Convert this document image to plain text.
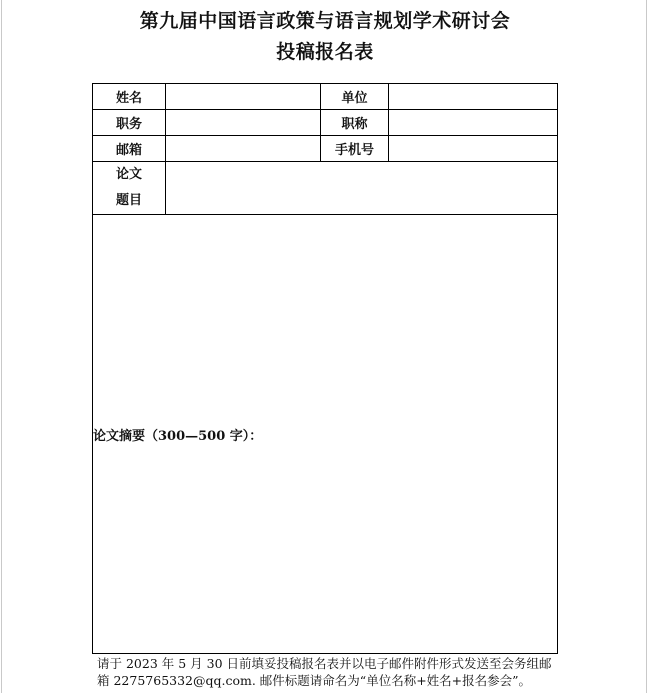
第九届中国语言政策与语言规划学术研讨会
投稿报名表
姓名		单位	
职务		职称	
邮箱		手机号	

论文
题目			

论文摘要（300—500 字）：			
请于 2023 年 5 月 30 日前填妥投稿报名表并以电子邮件附件形式发送至会务组邮
箱 2275765332@qq.com. 邮件标题请命名为“单位名称+姓名+报名参会”。
